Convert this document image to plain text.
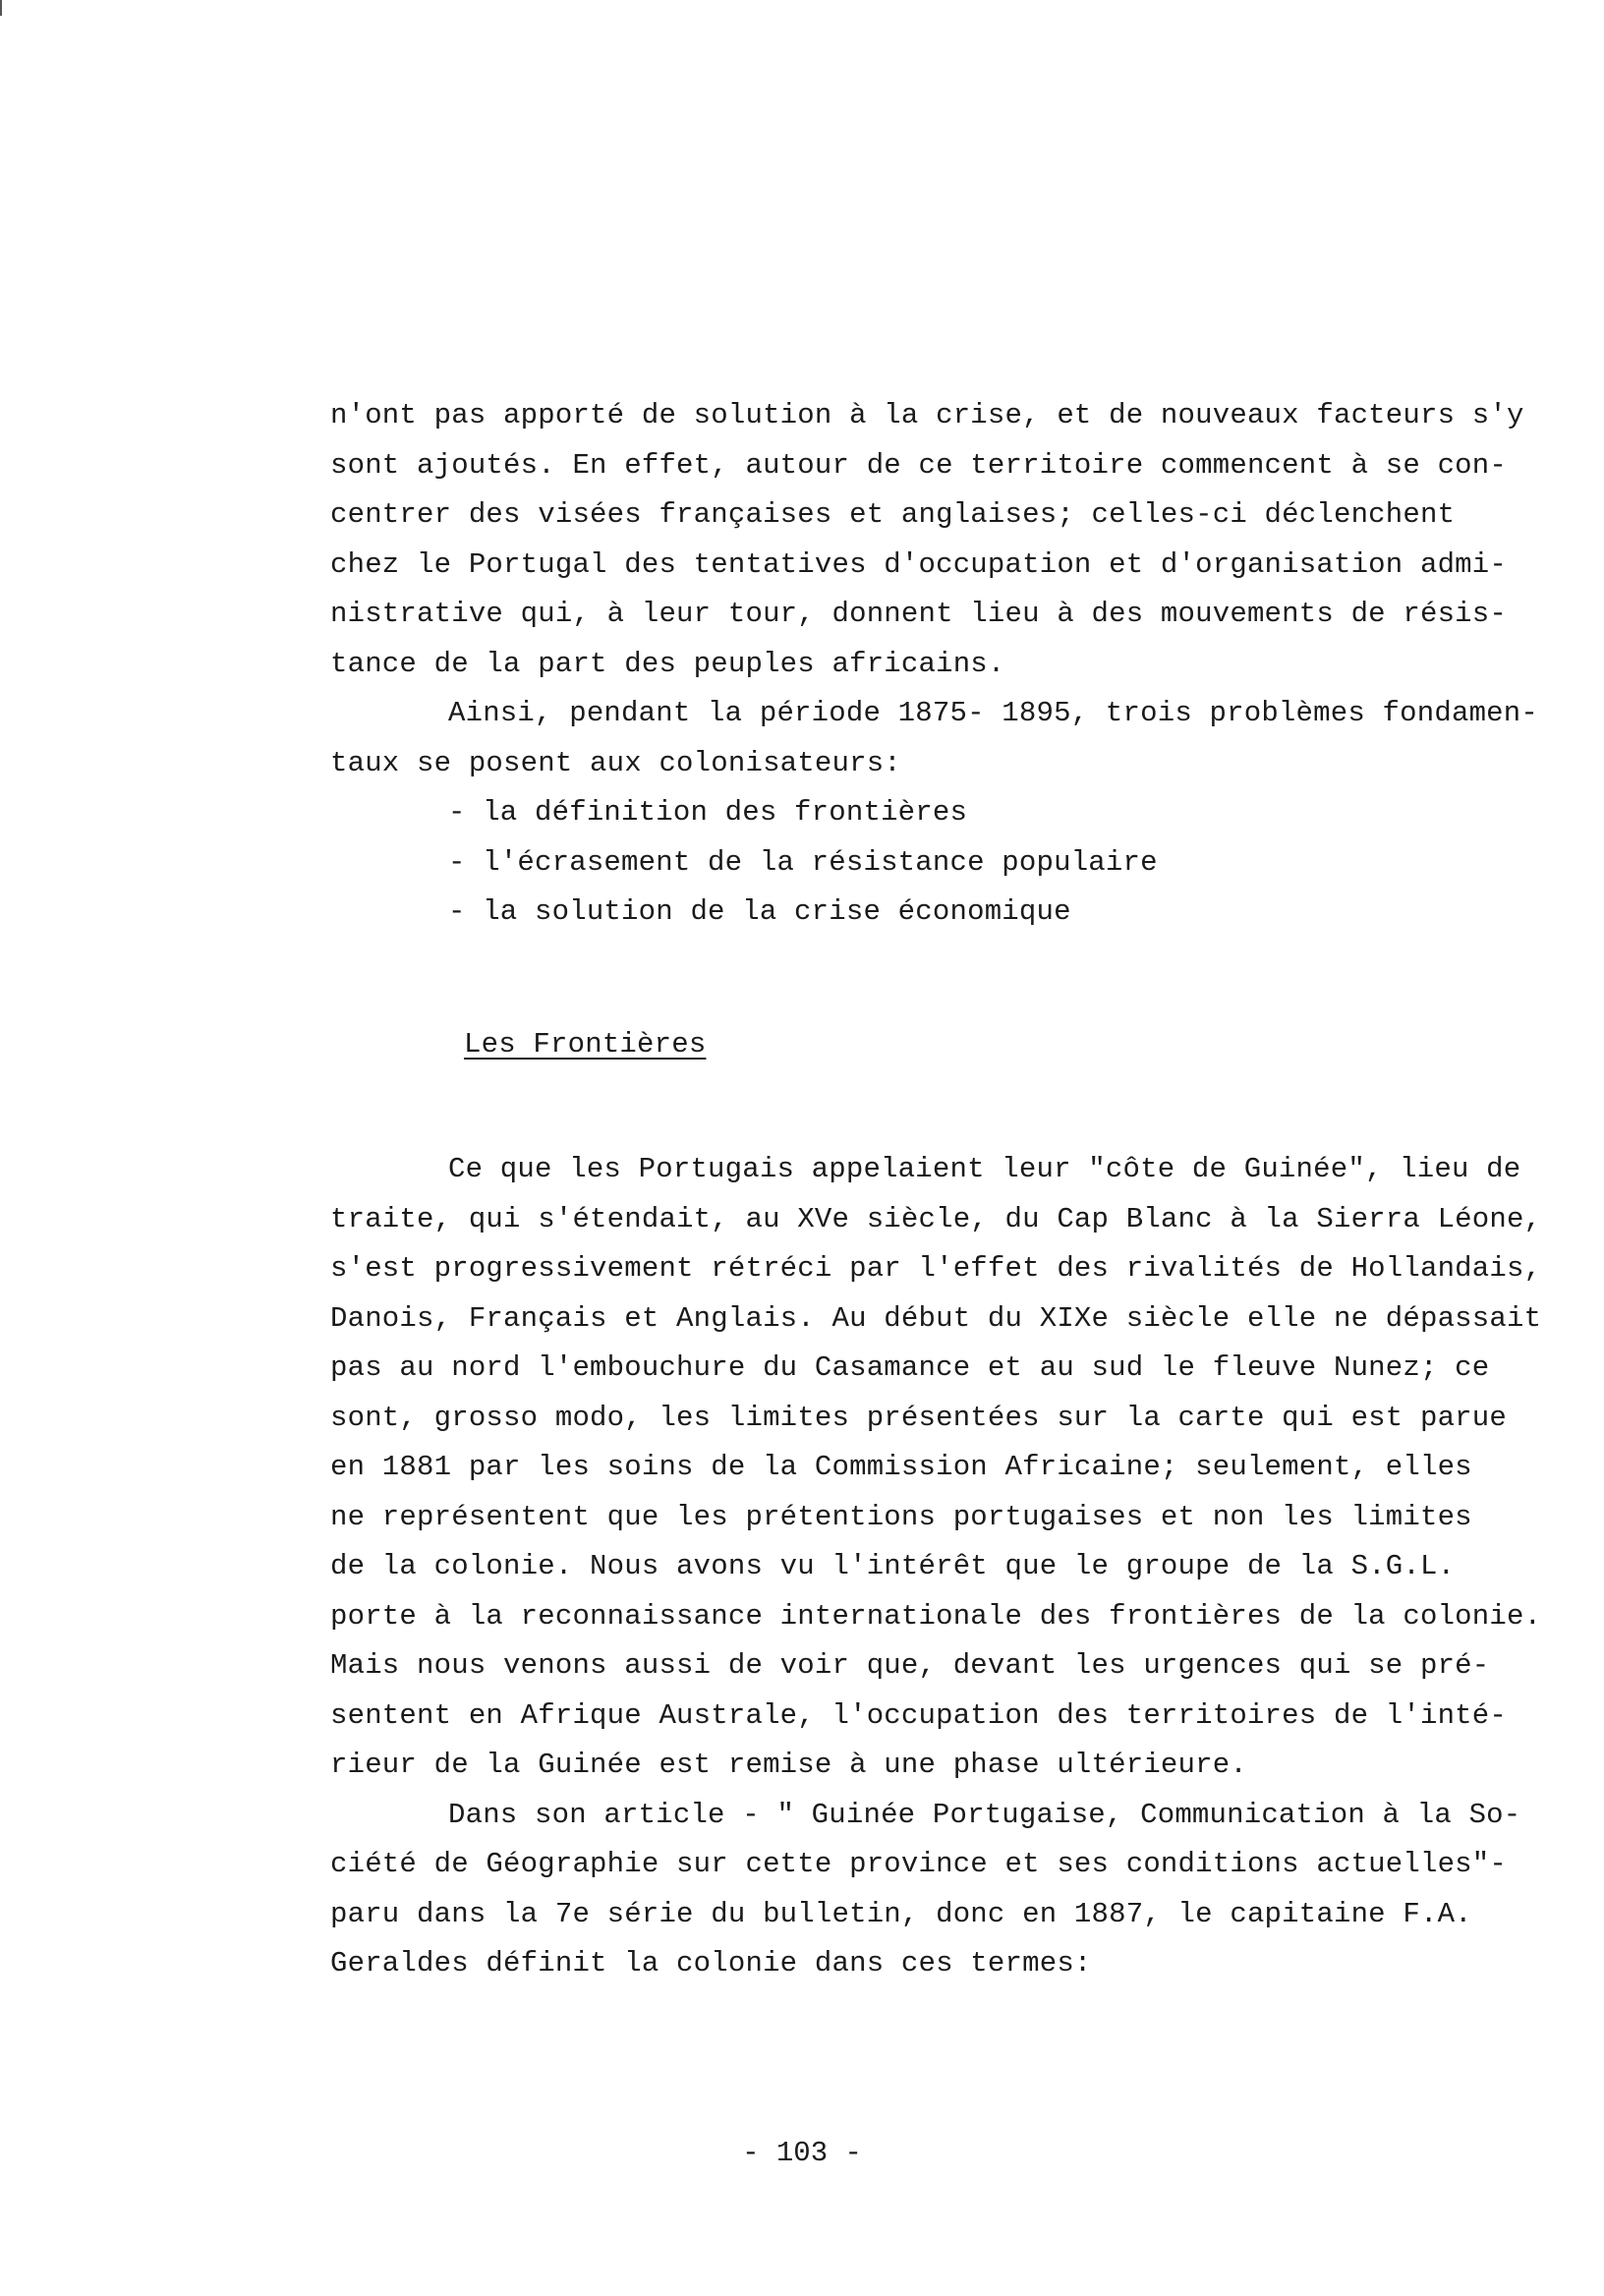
n'ont pas apporté de solution à la crise, et de nouveaux facteurs s'y
sont ajoutés. En effet, autour de ce territoire commencent à se con-
centrer des visées françaises et anglaises; celles-ci déclenchent
chez le Portugal des tentatives d'occupation et d'organisation admi-
nistrative qui, à leur tour, donnent lieu à des mouvements de résis-
tance de la part des peuples africains.
Ainsi, pendant la période 1875- 1895, trois problèmes fondamen-
taux se posent aux colonisateurs:
- la définition des frontières
- l'écrasement de la résistance populaire
- la solution de la crise économique
Les Frontières
Ce que les Portugais appelaient leur "côte de Guinée", lieu de
traite, qui s'étendait, au XVe siècle, du Cap Blanc à la Sierra Léone,
s'est progressivement rétréci par l'effet des rivalités de Hollandais,
Danois, Français et Anglais. Au début du XIXe siècle elle ne dépassait
pas au nord l'embouchure du Casamance et au sud le fleuve Nunez; ce
sont, grosso modo, les limites présentées sur la carte qui est parue
en 1881 par les soins de la Commission Africaine; seulement, elles
ne représentent que les prétentions portugaises et non les limites
de la colonie. Nous avons vu l'intérêt que le groupe de la S.G.L.
porte à la reconnaissance internationale des frontières de la colonie.
Mais nous venons aussi de voir que, devant les urgences qui se pré-
sentent en Afrique Australe, l'occupation des territoires de l'inté-
rieur de la Guinée est remise à une phase ultérieure.
Dans son article - " Guinée Portugaise, Communication à la So-
ciété de Géographie sur cette province et ses conditions actuelles"-
paru dans la 7e série du bulletin, donc en 1887, le capitaine F.A.
Geraldes définit la colonie dans ces termes:
- 103 -
